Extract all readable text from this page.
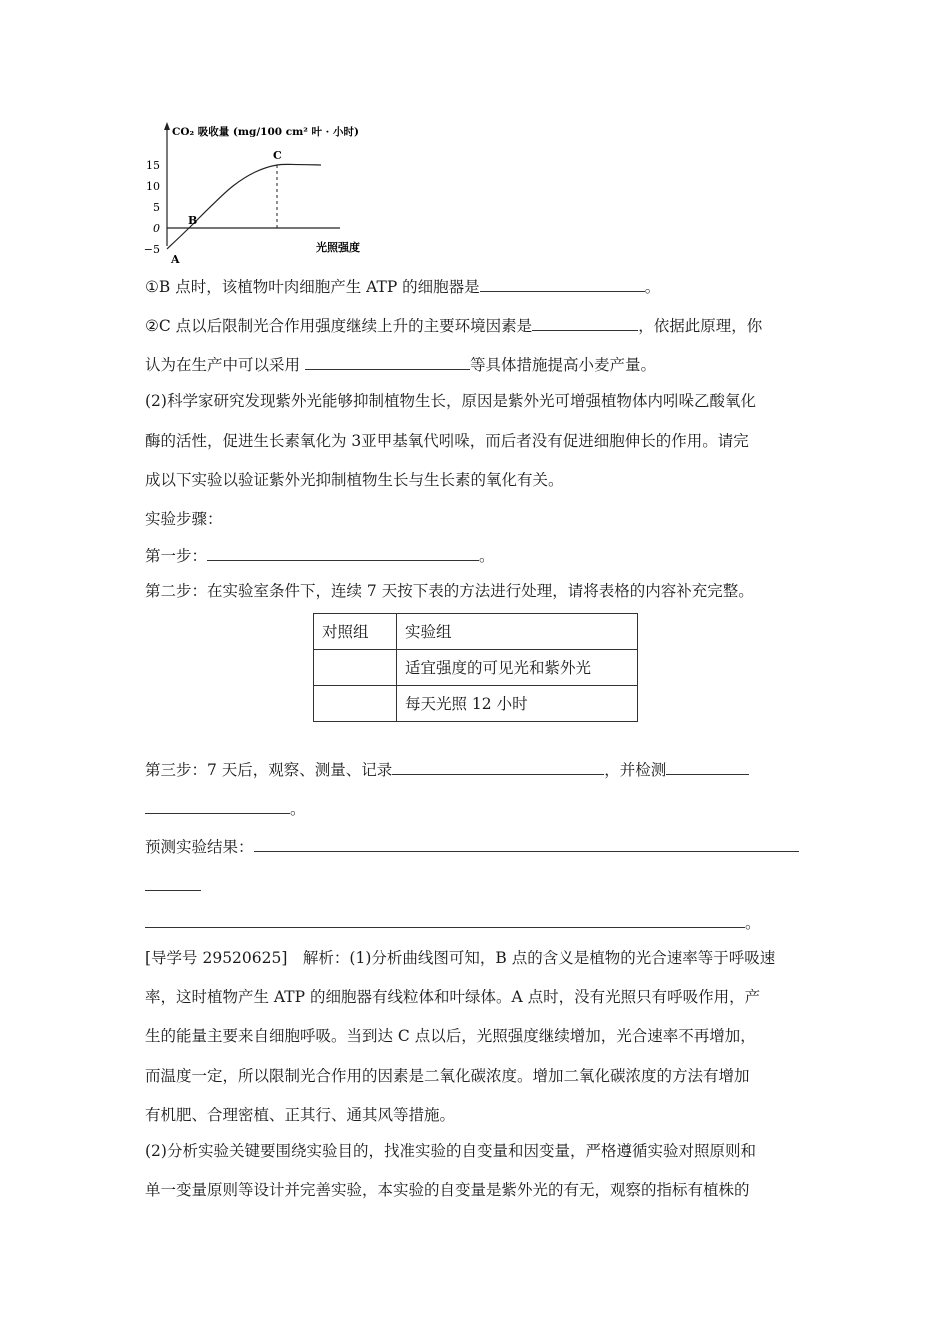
CO₂ 吸收量 (mg/100 cm² 叶 · 小时)
15
10
5
0
−5
A
B
C
光照强度
①B 点时，该植物叶肉细胞产生 ATP 的细胞器是	。
②C 点以后限制光合作用强度继续上升的主要环境因素是	，依据此原理，你
认为在生产中可以采用	等具体措施提高小麦产量。
(2)科学家研究发现紫外光能够抑制植物生长，原因是紫外光可增强植物体内吲哚乙酸氧化
酶的活性，促进生长素氧化为 3亚甲基氧代吲哚，而后者没有促进细胞伸长的作用。请完
成以下实验以验证紫外光抑制植物生长与生长素的氧化有关。
实验步骤：
第一步：	。
第二步：在实验室条件下，连续 7 天按下表的方法进行处理，请将表格的内容补充完整。
对照组	实验组
	适宜强度的可见光和紫外光
	每天光照 12 小时
第三步：7 天后，观察、测量、记录	，并检测
。
预测实验结果：
。
[导学号 29520625]　解析：(1)分析曲线图可知，B 点的含义是植物的光合速率等于呼吸速
率，这时植物产生 ATP 的细胞器有线粒体和叶绿体。A 点时，没有光照只有呼吸作用，产
生的能量主要来自细胞呼吸。当到达 C 点以后，光照强度继续增加，光合速率不再增加，
而温度一定，所以限制光合作用的因素是二氧化碳浓度。增加二氧化碳浓度的方法有增加
有机肥、合理密植、正其行、通其风等措施。
(2)分析实验关键要围绕实验目的，找准实验的自变量和因变量，严格遵循实验对照原则和
单一变量原则等设计并完善实验，本实验的自变量是紫外光的有无，观察的指标有植株的
